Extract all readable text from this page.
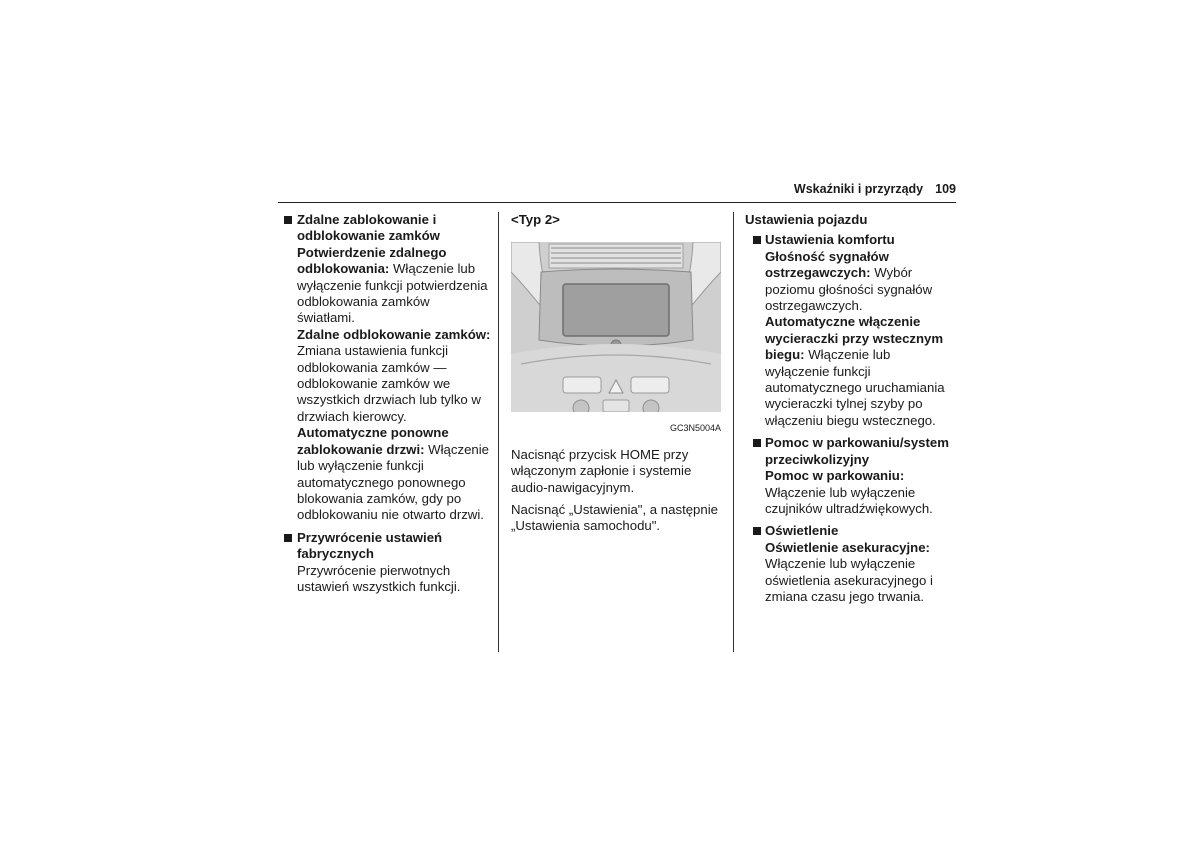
Wskaźniki i przyrządy 109
Zdalne zablokowanie i odblokowanie zamków
Potwierdzenie zdalnego odblokowania: Włączenie lub wyłączenie funkcji potwierdzenia odblokowania zamków światłami.
Zdalne odblokowanie zamków:
Zmiana ustawienia funkcji odblokowania zamków — odblokowanie zamków we wszystkich drzwiach lub tylko w drzwiach kierowcy.
Automatyczne ponowne zablokowanie drzwi: Włączenie lub wyłączenie funkcji automatycznego ponownego blokowania zamków, gdy po odblokowaniu nie otwarto drzwi.
Przywrócenie ustawień fabrycznych
Przywrócenie pierwotnych ustawień wszystkich funkcji.
<Typ 2>
GC3N5004A

Nacisnąć przycisk HOME przy włączonym zapłonie i systemie audio-nawigacyjnym.

Nacisnąć „Ustawienia", a następnie „Ustawienia samochodu".

Ustawienia pojazdu
Ustawienia komfortu
Głośność sygnałów ostrzegawczych: Wybór poziomu głośności sygnałów ostrzegawczych.
Automatyczne włączenie wycieraczki przy wstecznym biegu: Włączenie lub wyłączenie funkcji automatycznego uruchamiania wycieraczki tylnej szyby po włączeniu biegu wstecznego.
Pomoc w parkowaniu/system przeciwkolizyjny
Pomoc w parkowaniu:
Włączenie lub wyłączenie czujników ultradźwiękowych.
Oświetlenie
Oświetlenie asekuracyjne:
Włączenie lub wyłączenie oświetlenia asekuracyjnego i zmiana czasu jego trwania.
